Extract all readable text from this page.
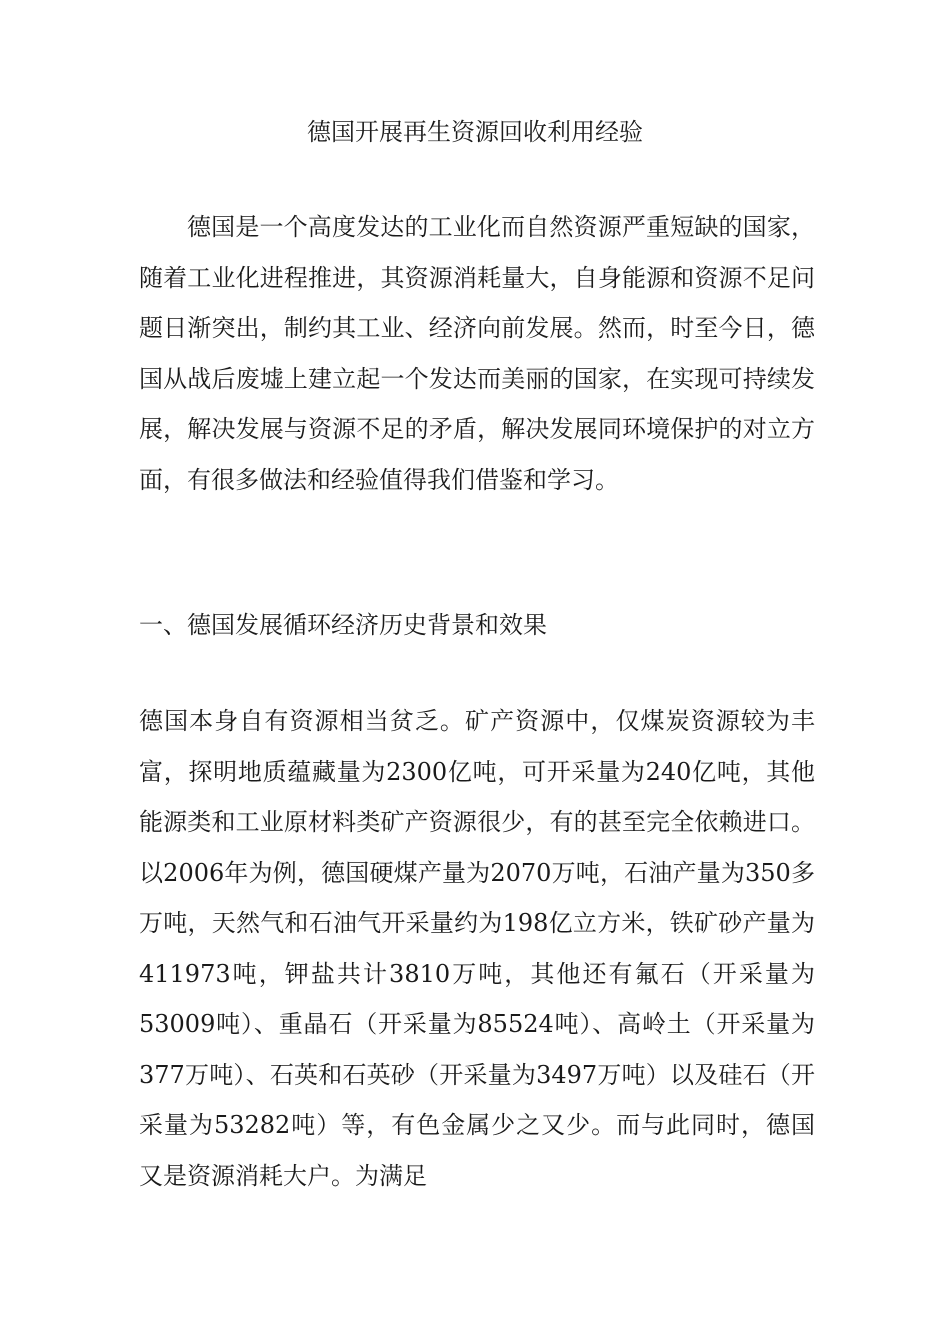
德国开展再生资源回收利用经验

德国是一个高度发达的工业化而自然资源严重短缺的国家，随着工业化进程推进，其资源消耗量大，自身能源和资源不足问题日渐突出，制约其工业、经济向前发展。然而，时至今日，德国从战后废墟上建立起一个发达而美丽的国家，在实现可持续发展，解决发展与资源不足的矛盾，解决发展同环境保护的对立方面，有很多做法和经验值得我们借鉴和学习。

一、德国发展循环经济历史背景和效果

德国本身自有资源相当贫乏。矿产资源中，仅煤炭资源较为丰富，探明地质蕴藏量为2300亿吨，可开采量为240亿吨，其他能源类和工业原材料类矿产资源很少，有的甚至完全依赖进口。以2006年为例，德国硬煤产量为2070万吨，石油产量为350多万吨，天然气和石油气开采量约为198亿立方米，铁矿砂产量为411973吨，钾盐共计3810万吨，其他还有氟石（开采量为53009吨）、重晶石（开采量为85524吨）、高岭土（开采量为377万吨）、石英和石英砂（开采量为3497万吨）以及硅石（开采量为53282吨）等，有色金属少之又少。而与此同时，德国又是资源消耗大户。为满足
